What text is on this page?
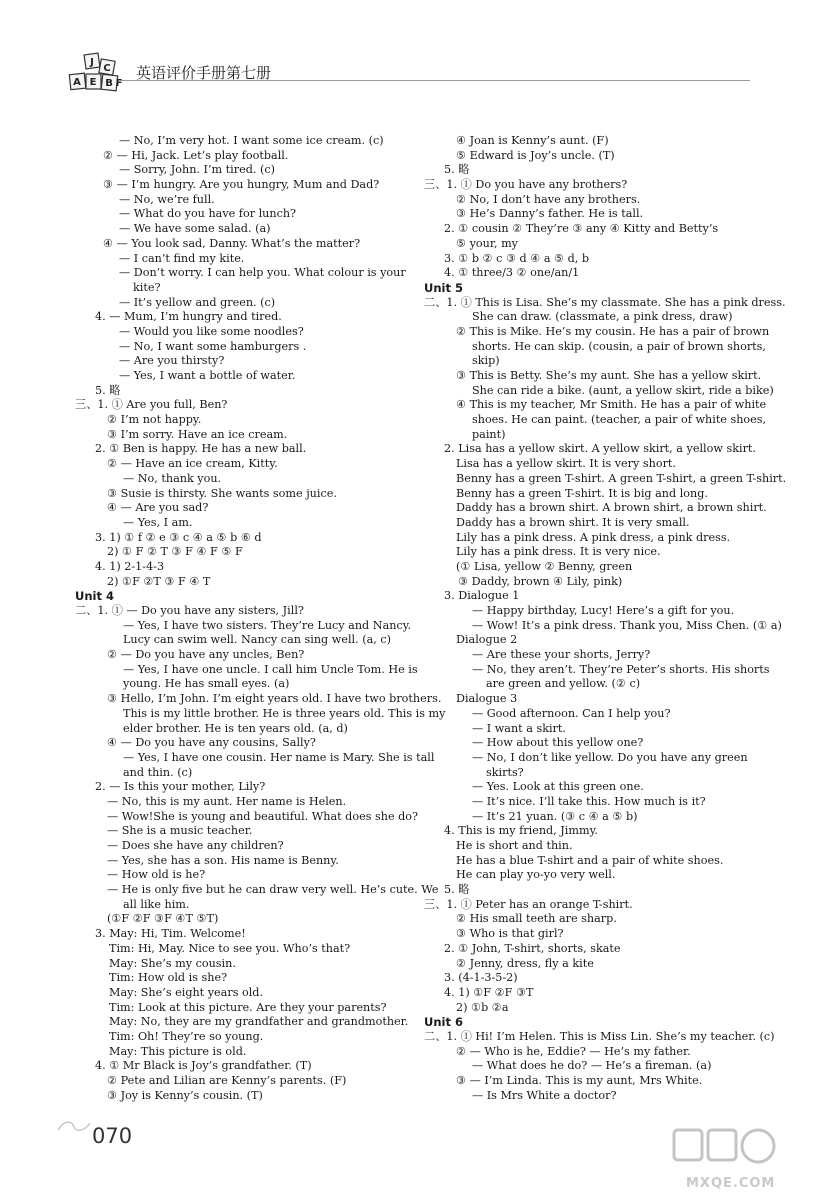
J
A
C
E B F
英语评价手册第七册
— No, I’m very hot. I want some ice cream. (c)
② — Hi, Jack. Let’s play football.
— Sorry, John. I’m tired. (c)
③ — I’m hungry. Are you hungry, Mum and Dad?
— No, we’re full.
— What do you have for lunch?
— We have some salad. (a)
④ — You look sad, Danny. What’s the matter?
— I can’t find my kite.
— Don’t worry. I can help you. What colour is your
kite?
— It’s yellow and green. (c)
4. — Mum, I’m hungry and tired.
— Would you like some noodles?
— No, I want some hamburgers .
— Are you thirsty?
— Yes, I want a bottle of water.
5. 略
三、1. ① Are you full, Ben?
② I’m not happy.
③ I’m sorry. Have an ice cream.
2. ① Ben is happy. He has a new ball.
② — Have an ice cream, Kitty.
— No, thank you.
③ Susie is thirsty. She wants some juice.
④ — Are you sad?
— Yes, I am.
3. 1) ① f ② e ③ c ④ a ⑤ b ⑥ d
2) ① F ② T ③ F ④ F ⑤ F
4. 1) 2-1-4-3
2) ①F ②T ③ F ④ T
Unit 4
二、1. ① — Do you have any sisters, Jill?
— Yes, I have two sisters. They’re Lucy and Nancy.
Lucy can swim well. Nancy can sing well. (a, c)
② — Do you have any uncles, Ben?
— Yes, I have one uncle. I call him Uncle Tom. He is
young. He has small eyes. (a)
③ Hello, I’m John. I’m eight years old. I have two brothers.
This is my little brother. He is three years old. This is my
elder brother. He is ten years old. (a, d)
④ — Do you have any cousins, Sally?
— Yes, I have one cousin. Her name is Mary. She is tall
and thin. (c)
2. — Is this your mother, Lily?
— No, this is my aunt. Her name is Helen.
— Wow!She is young and beautiful. What does she do?
— She is a music teacher.
— Does she have any children?
— Yes, she has a son. His name is Benny.
— How old is he?
— He is only five but he can draw very well. He’s cute. We
all like him.
(①F ②F ③F ④T ⑤T)
3. May: Hi, Tim. Welcome!
Tim: Hi, May. Nice to see you. Who’s that?
May: She’s my cousin.
Tim: How old is she?
May: She’s eight years old.
Tim: Look at this picture. Are they your parents?
May: No, they are my grandfather and grandmother.
Tim: Oh! They’re so young.
May: This picture is old.
4. ① Mr Black is Joy’s grandfather. (T)
② Pete and Lilian are Kenny’s parents. (F)
③ Joy is Kenny’s cousin. (T)
④ Joan is Kenny’s aunt. (F)
⑤ Edward is Joy’s uncle. (T)
5. 略
三、1. ① Do you have any brothers?
② No, I don’t have any brothers.
③ He’s Danny’s father. He is tall.
2. ① cousin ② They’re ③ any ④ Kitty and Betty’s
⑤ your, my
3. ① b ② c ③ d ④ a ⑤ d, b
4. ① three/3 ② one/an/1
Unit 5
二、1. ① This is Lisa. She’s my classmate. She has a pink dress.
She can draw. (classmate, a pink dress, draw)
② This is Mike. He’s my cousin. He has a pair of brown
shorts. He can skip. (cousin, a pair of brown shorts,
skip)
③ This is Betty. She’s my aunt. She has a yellow skirt.
She can ride a bike. (aunt, a yellow skirt, ride a bike)
④ This is my teacher, Mr Smith. He has a pair of white
shoes. He can paint. (teacher, a pair of white shoes,
paint)
2. Lisa has a yellow skirt. A yellow skirt, a yellow skirt.
Lisa has a yellow skirt. It is very short.
Benny has a green T-shirt. A green T-shirt, a green T-shirt.
Benny has a green T-shirt. It is big and long.
Daddy has a brown shirt. A brown shirt, a brown shirt.
Daddy has a brown shirt. It is very small.
Lily has a pink dress. A pink dress, a pink dress.
Lily has a pink dress. It is very nice.
(① Lisa, yellow ② Benny, green
③ Daddy, brown ④ Lily, pink)
3. Dialogue 1
— Happy birthday, Lucy! Here’s a gift for you.
— Wow! It’s a pink dress. Thank you, Miss Chen. (① a)
Dialogue 2
— Are these your shorts, Jerry?
— No, they aren’t. They’re Peter’s shorts. His shorts
are green and yellow. (② c)
Dialogue 3
— Good afternoon. Can I help you?
— I want a skirt.
— How about this yellow one?
— No, I don’t like yellow. Do you have any green
skirts?
— Yes. Look at this green one.
— It’s nice. I’ll take this. How much is it?
— It’s 21 yuan. (③ c ④ a ⑤ b)
4. This is my friend, Jimmy.
He is short and thin.
He has a blue T-shirt and a pair of white shoes.
He can play yo-yo very well.
5. 略
三、1. ① Peter has an orange T-shirt.
② His small teeth are sharp.
③ Who is that girl?
2. ① John, T-shirt, shorts, skate
② Jenny, dress, fly a kite
3. (4-1-3-5-2)
4. 1) ①F ②F ③T
2) ①b ②a
Unit 6
二、1. ① Hi! I’m Helen. This is Miss Lin. She’s my teacher. (c)
② — Who is he, Eddie? — He’s my father.
— What does he do? — He’s a fireman. (a)
③ — I’m Linda. This is my aunt, Mrs White.
— Is Mrs White a doctor?
070
MXQE.COM
